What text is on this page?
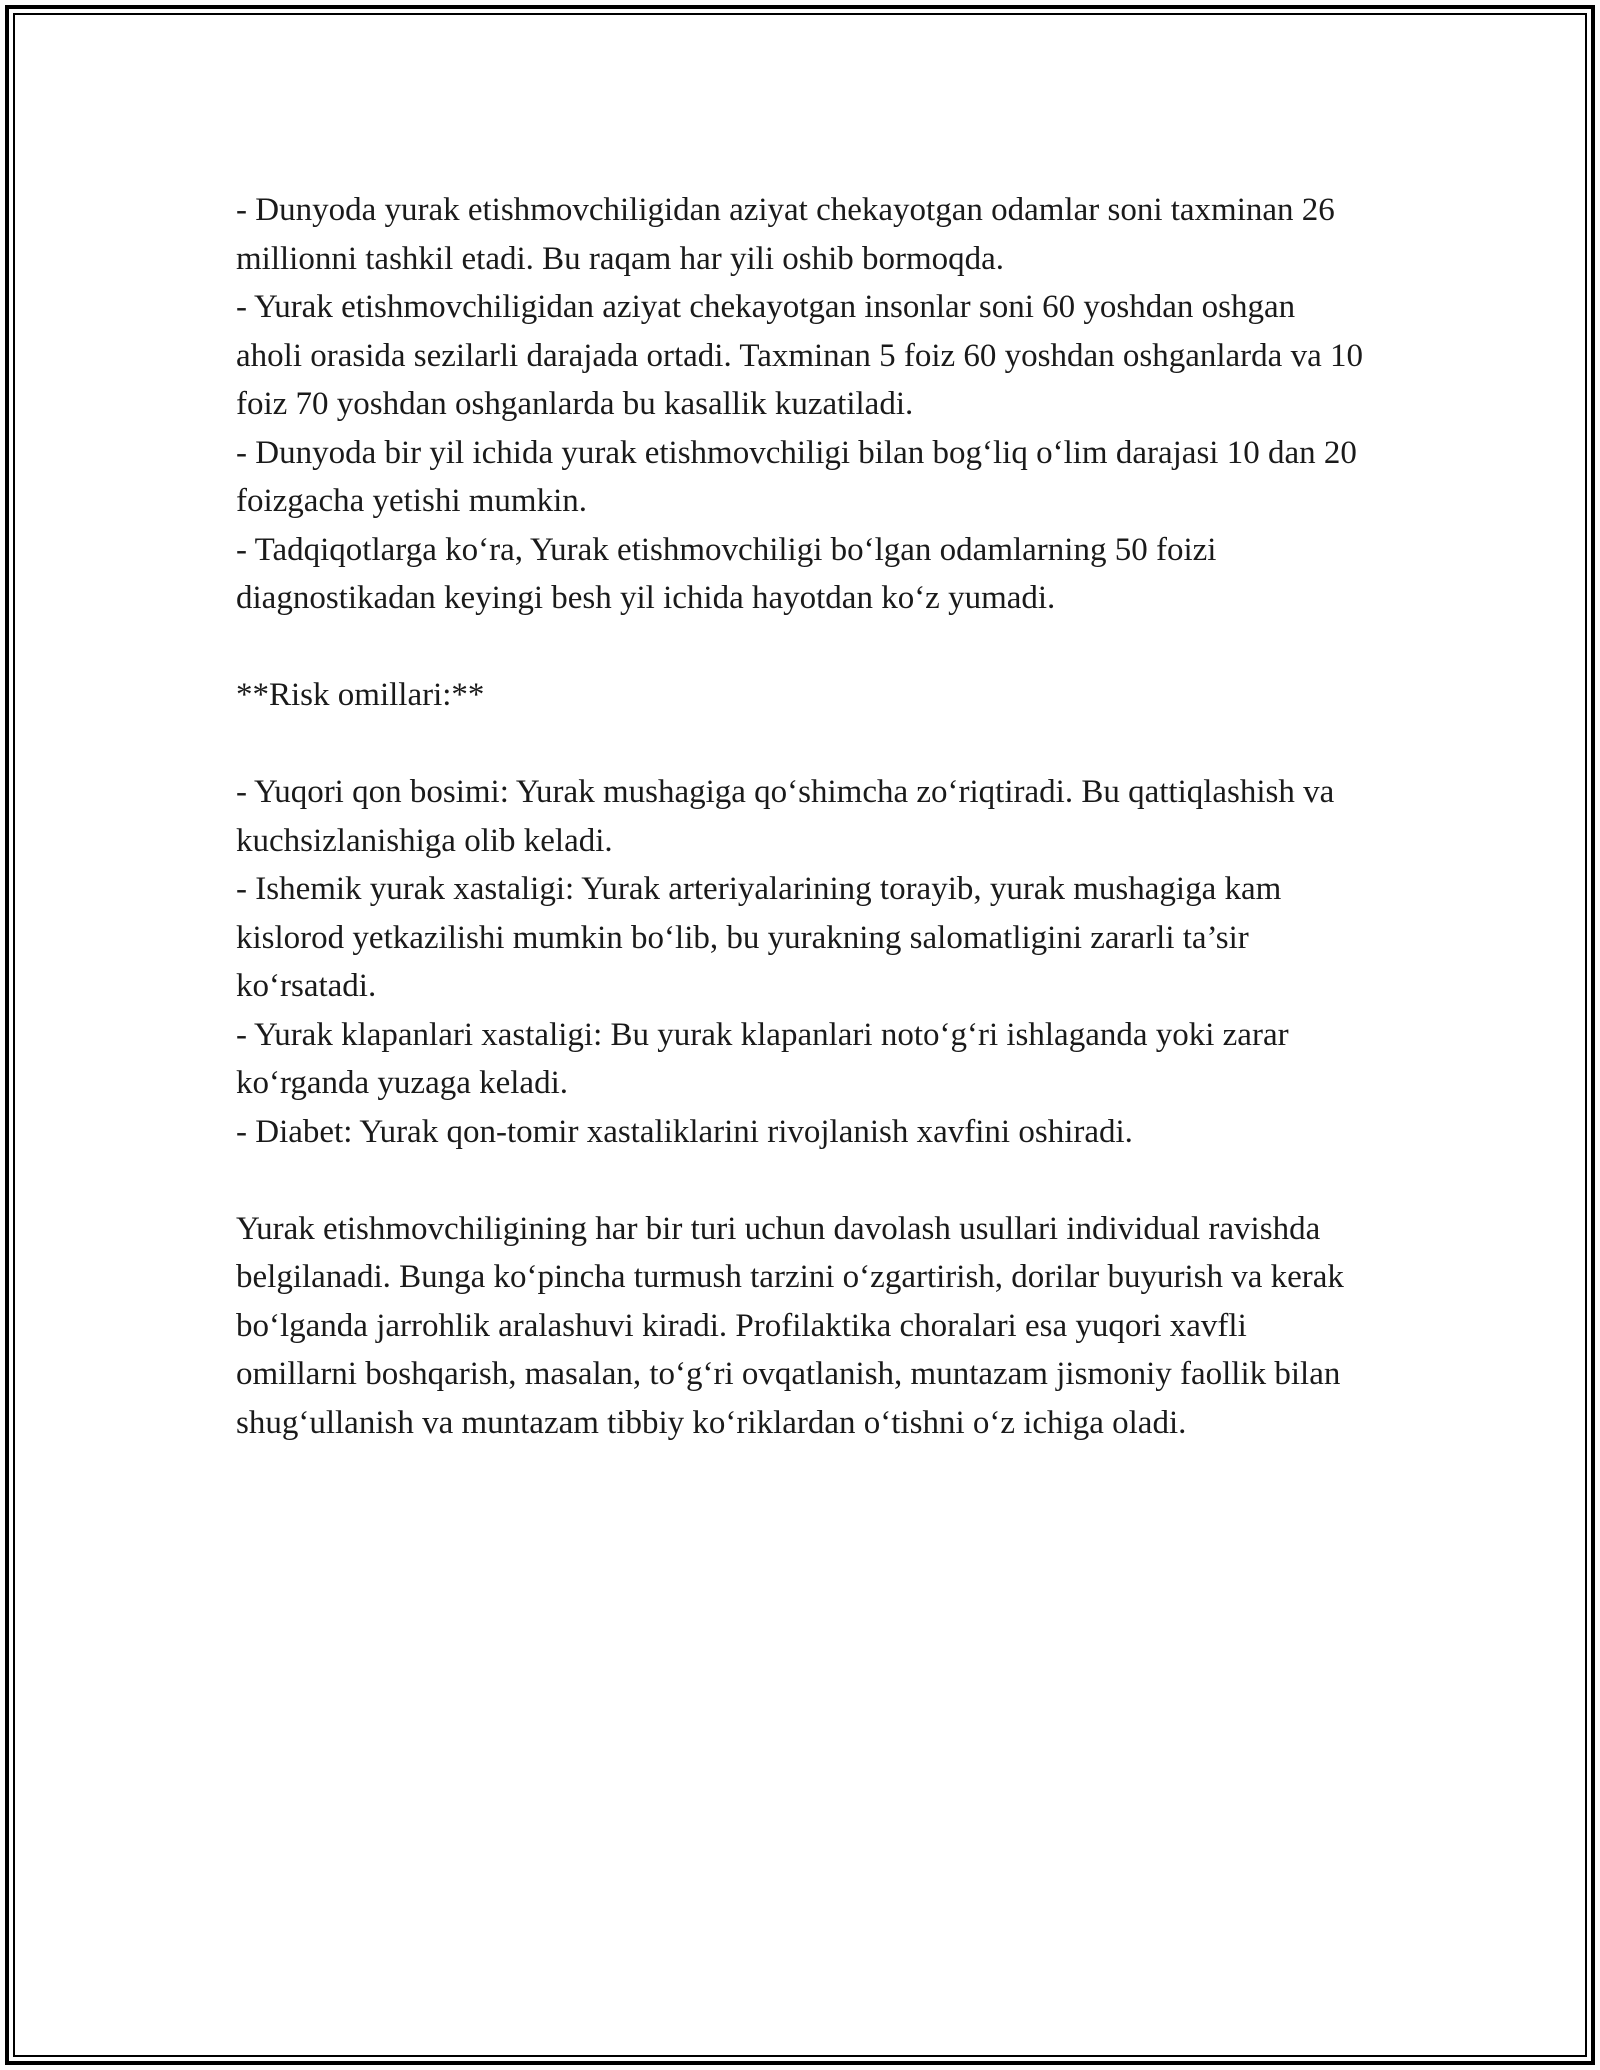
- Dunyoda yurak etishmovchiligidan aziyat chekayotgan odamlar soni taxminan 26 millionni tashkil etadi. Bu raqam har yili oshib bormoqda.

- Yurak etishmovchiligidan aziyat chekayotgan insonlar soni 60 yoshdan oshgan aholi orasida sezilarli darajada ortadi. Taxminan 5 foiz 60 yoshdan oshganlarda va 10 foiz 70 yoshdan oshganlarda bu kasallik kuzatiladi.

- Dunyoda bir yil ichida yurak etishmovchiligi bilan bog‘liq o‘lim darajasi 10 dan 20 foizgacha yetishi mumkin.

- Tadqiqotlarga ko‘ra, Yurak etishmovchiligi bo‘lgan odamlarning 50 foizi diagnostikadan keyingi besh yil ichida hayotdan ko‘z yumadi.

**Risk omillari:**

- Yuqori qon bosimi: Yurak mushagiga qo‘shimcha zo‘riqtiradi. Bu qattiqlashish va kuchsizlanishiga olib keladi.

- Ishemik yurak xastaligi: Yurak arteriyalarining torayib, yurak mushagiga kam kislorod yetkazilishi mumkin bo‘lib, bu yurakning salomatligini zararli ta’sir ko‘rsatadi.

- Yurak klapanlari xastaligi: Bu yurak klapanlari noto‘g‘ri ishlaganda yoki zarar ko‘rganda yuzaga keladi.

- Diabet: Yurak qon-tomir xastaliklarini rivojlanish xavfini oshiradi.

Yurak etishmovchiligining har bir turi uchun davolash usullari individual ravishda belgilanadi. Bunga ko‘pincha turmush tarzini o‘zgartirish, dorilar buyurish va kerak bo‘lganda jarrohlik aralashuvi kiradi. Profilaktika choralari esa yuqori xavfli omillarni boshqarish, masalan, to‘g‘ri ovqatlanish, muntazam jismoniy faollik bilan shug‘ullanish va muntazam tibbiy ko‘riklardan o‘tishni o‘z ichiga oladi.
